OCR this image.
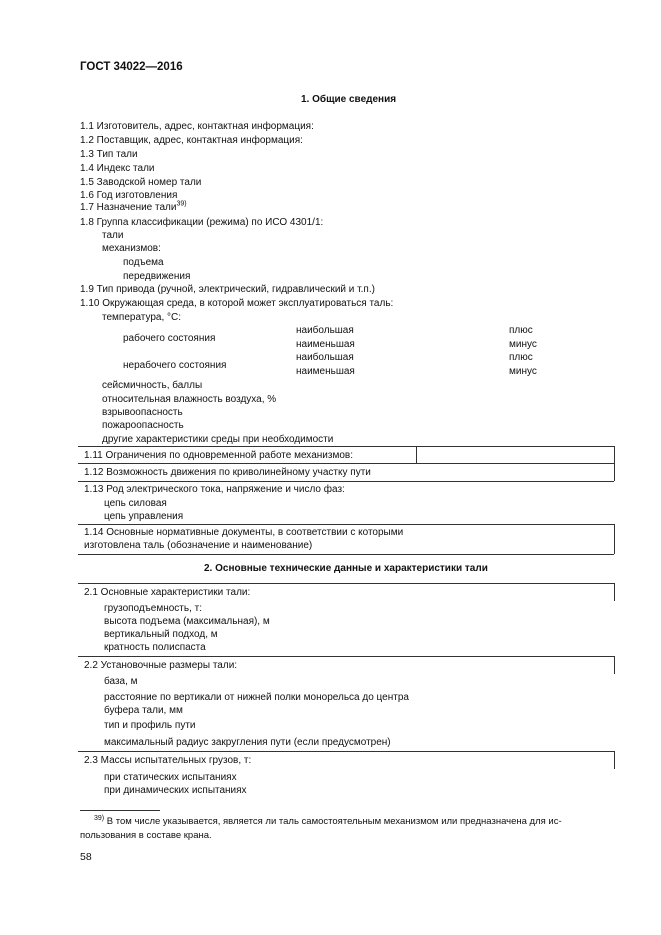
ГОСТ 34022—2016
1. Общие сведения
1.1 Изготовитель, адрес, контактная информация:
1.2 Поставщик, адрес, контактная информация:
1.3 Тип тали
1.4 Индекс тали
1.5 Заводской номер тали
1.6 Год изготовления
1.7 Назначение тали$^{39)}$
1.8 Группа классификации (режима) по ИСО 4301/1:
тали
механизмов:
подъема
передвижения
1.9 Тип привода (ручной, электрический, гидравлический и т.п.)
1.10 Окружающая среда, в которой может эксплуатироваться таль:
температура, °С:
рабочего состояния
наибольшая
наименьшая
плюс
минус
нерабочего состояния
наибольшая
наименьшая
плюс
минус
сейсмичность, баллы
относительная влажность воздуха, %
взрывоопасность
пожароопасность
другие характеристики среды при необходимости
1.11 Ограничения по одновременной работе механизмов:
1.12 Возможность движения по криволинейному участку пути
1.13 Род электрического тока, напряжение и число фаз:
цепь силовая
цепь управления
1.14 Основные нормативные документы, в соответствии с которыми
изготовлена таль (обозначение и наименование)
2. Основные технические данные и характеристики тали
2.1 Основные характеристики тали:
грузоподъемность, т:
высота подъема (максимальная), м
вертикальный подход, м
кратность полиспаста
2.2 Установочные размеры тали:
база, м
расстояние по вертикали от нижней полки монорельса до центра
буфера тали, мм
тип и профиль пути
максимальный радиус закругления пути (если предусмотрен)
2.3 Массы испытательных грузов, т:
при статических испытаниях
при динамических испытаниях
$^{39)}$ В том числе указывается, является ли таль самостоятельным механизмом или предназначена для ис-
пользования в составе крана.
58
